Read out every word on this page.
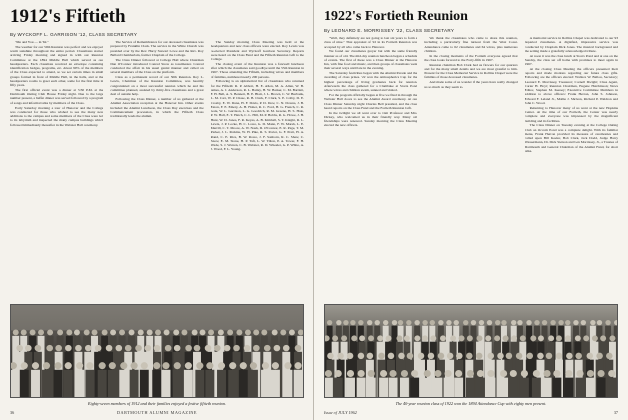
1912's Fiftieth
By WYCKOFF L. GARRISON '12, CLASS SECRETARY

"Me and You — in '62."

The weather for our 50th Reunion was perfect and we enjoyed warm sunshine throughout the entire period. Classmates started arriving Friday morning and signed in with our Reunion Committee at the 1894 Middle Hall which served as our headquarters. Each classmate received an envelope containing identification badges, programs, etc. About 90% of the members of the Class expected to attend, so we set certain times in small groups formed in front of Middle Hall, in the halls, and at the headquarters rooms to greet each other, some for the first time in fifty years.

The first official event was a dinner at 5:30 P.M. at the Dartmouth Outing Club House Friday night. Due to the large number present, a buffet dinner was served followed by a program of songs and informal talks by members of the Class.

Early Saturday morning a tour of Hanover and the College was conducted for those who wished to see the many new additions to the campus and some members of the Class were led to its labyrinth and inspected the many campus buildings which followed immediately thereafter in the Webster Hall ceremony.

The Service of Remembrance for our deceased classmates was prepared by Franklin Clark. The service in the White Church was presided over by the Rev. Harry Stewart Lowe and the Rev. Roy Ballard Chamberlain, former Chaplain of the College.

The Class Dinner followed at College Hall where Chairman Dan O'Connor introduced Conrad Snow as toastmaster. Conrad conducted the affair in his usual genial manner and called on several members of the Class on the platform.

Class as a permanent record of our 50th Reunion. Roy L. Lewis, Chairman of the Reunion Committee, was heartily congratulated on a most successful reunion which he and his committee planned, assisted by thirty-five classmates and a great deal of outside help.

Following the Class Dinner, a number of us gathered at the Alumni Association reception at the Hanover Inn. Other events included the Alumni Luncheon, the Class Day exercises and the Commencement procession, in which the Fiftieth Class traditionally leads the alumni.

The Sunday morning Class Meeting was held at the headquarters and new class officers were elected. Roy Lewis was re-elected President and Wyckoff Garrison Secretary. Reports were heard on the Class Fund and the Fiftieth Reunion Gift to the College.

The closing event of the Reunion was a farewell luncheon after which the classmates said goodbye until the 55th Reunion in 1967. Those attending the Fiftieth, including wives and members of families, numbered nearly 200 persons.

Following is an alphabetical list of classmates who returned for the Fiftieth: R. P. Abbott, H. E. Allen, M. A. Allen, W. B. Ames, A. J. Anderson, R. L. Bailey, H. W. Barker, C. M. Bartlett, F. H. Bell, A. S. Bennett, H. E. Blair, J. L. Brown, C. W. Burbank, L. M. Carr, W. P. Chase, R. B. Clark, F. Clark, S. E. Colby, D. E. Crosby, E. W. Dana, H. F. Davis, P. D. Dow, C. N. Downs, J. B. Eaton, F. E. Emery, A. H. Fisher, R. C. Ford, H. G. French, C. R. Gale, W. L. Garrison, L. G. Goodrich, R. M. Greene, H. S. Hale, P. W. Hall, E. T. Hatch, C. L. Hill, M. P. Hobbs, R. G. Howe, J. H. Hunt, W. D. Jones, F. R. Keyes, A. B. Kimball, S. T. Knight, R. L. Lewis, J. P. Locke, H. C. Lowe, G. D. Mann, F. W. Marsh, L. E. Merrill, C. T. Moore, A. W. Nash, D. O'Connor, E. R. Page, T. M. Parker, J. L. Perkins, W. H. Pike, R. S. Porter, G. F. Pratt, H. A. Rand, C. E. Rice, B. W. Rowe, J. F. Sanborn, R. C. Shaw, C. Snow, E. M. Stone, H. P. Taft, L. W. Tilton, P. A. Tower, F. H. Wade, S. J. Warren, C. B. Webster, R. D. Wheeler, G. P. White, A. J. Wood, F. L. Young.

Eighty-seven members of 1912 and their families enjoyed a festive fiftieth reunion.
36	DARTMOUTH ALUMNI MAGAZINE
1922's Fortieth Reunion
By LEONARD E. MORRISSEY '22, CLASS SECRETARY

"Well, they definitely are not going to last six years to form a class of nine." That appraisal of '22 in its Fortieth Reunion was accepted by all who came back to Hanover.

We found our classmates greyer but with the same friendly manner as of old. The mid-day reunion luncheon began a schedule of events. The first of these was a Class Dinner at the Hanover Inn, with fine food and music, and then groups of classmates went their several ways until late in the evening.

The Saturday festivities began with the Alumni Parade and the awarding of class prizes. '22 won the Atmospherics Cup for the highest percentage of living graduates back for reunion. Afterwards the class gathered for a Clambake at Storrs Pond where wives and children swam, sunned and visited.

For the program officially begun at five we filed in through the Webster Hall doors to see the Alumni Award ceremony. At our Class Dinner Saturday night Charles Bell presided, and the class heard reports on the Class Fund and the Fortieth Reunion Gift.

In the twilight we all went over to visit Professor and Mrs. Dickey, who welcomed us in their friendly way. Many old friendships were renewed. Sunday morning the Class Meeting elected the new officers.

We thank the classmates who came to share this reunion, including a particularly fine turnout from the West Coast. Attendance came to 62 classmates and 64 wives, plus numerous children.

In the closing moments of the Fortieth everyone agreed that the class looks forward to the Forty-fifth in 1967.

Reunion chairman Bob Clark had us flowers for our quarters and for the many small details and we are most grateful to him. Present for the Class Memorial Service in Rollins Chapel were the families of those deceased classmates.

And made some of us wonder if the years have really changed us so much as they seem to.

A memorial service in Rollins Chapel was dedicated to our 93 departed classmates. A dignified, impressive service was conducted by Chaplain Dick Jones. The musical background and the setting made a gratefully acknowledged tribute.

At noon it was the class lunch at Storrs Pond and at one on the Sunday, the class set off home with promises to meet again in 1967.

At the closing Class Meeting the officers presented their reports and made motions regarding our future class gifts. Following are the officers elected: Wallace W. Ballou, Secretary; Leonard E. Morrissey, Treasurer; Cornell Dwight; Class Agent, Carter H. Hoyt; Reunion Chairman, Eugene Hutchinson; News Editor, Stephen M. Keesey; Executive Committee Members in addition to above officers: Frank Herron, John S. Johnson, Edward F. Leland Jr., Mallie J. Shriven, Richard P. Waldron and John C. Wood.

Returning to Hanover many of us went at the new Hopkins Center. At the time of our Fortieth, the Center was nearly complete and everyone was impressed by the magnificent building and its facilities.

The Class Dinner on Tuesday evening at the College Outing Club on Occom Pond was a complete delight. With its familiar menu, Frank Herron provided its measure of ceremonies and called upon Bill Keeler, Bob Clark, Jack Dodd, Judge Harry Wassermann, Dr. Dick Stetson and Len Morrissey, Jr., a Trustee of Dartmouth and General Chairman of the Alumni Fund, for short talks.

The 40-year reunion class of 1922 won the 1894 Attendance Cup with eighty men present.
Issue of JULY 1962	37
